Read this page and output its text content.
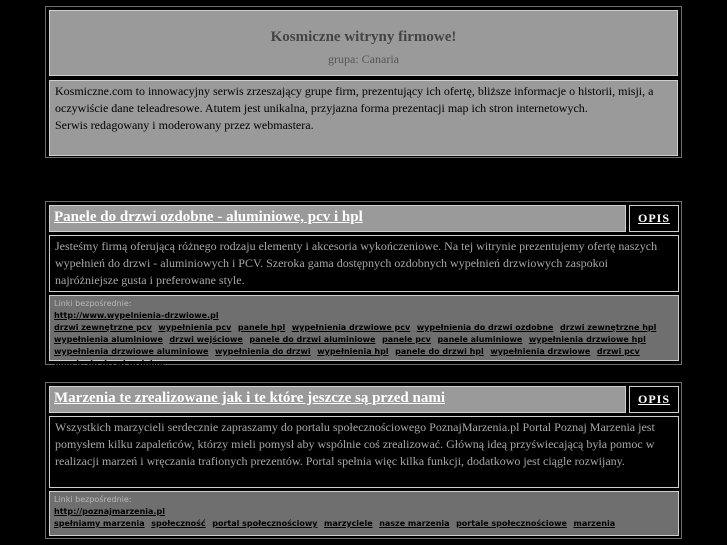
Kosmiczne witryny firmowe!
grupa: Canaria
Kosmiczne.com to innowacyjny serwis zrzeszający grupe firm, prezentujący ich ofertę, bliższe informacje o historii, misji, a oczywiście dane teleadresowe. Atutem jest unikalna, przyjazna forma prezentacji map ich stron internetowych.
Serwis redagowany i moderowany przez webmastera.
Panele do drzwi ozdobne - aluminiowe, pcv i hpl	OPIS
Jesteśmy firmą oferującą różnego rodzaju elementy i akcesoria wykończeniowe. Na tej witrynie prezentujemy ofertę naszych wypełnień do drzwi - aluminiowych i PCV. Szeroka gama dostępnych ozdobnych wypełnień drzwiowych zaspokoi najróżniejsze gusta i preferowane style.
Linki bezpośrednie:
http://www.wypelnienia-drzwiowe.pl
drzwi zewnętrzne pcv wypełnienia pcv panele hpl wypełnienia drzwiowe pcv wypełnienia do drzwi ozdobne drzwi zewnętrzne hpl wypełnienia aluminiowe drzwi wejściowe panele do drzwi aluminiowe panele pcv panele aluminiowe wypełnienia drzwiowe hpl wypełnienia drzwiowe aluminiowe wypełnienia do drzwi wypełnienia hpl panele do drzwi hpl wypełnienia drzwiowe drzwi pcv panele do drzwi ozdobne
Marzenia te zrealizowane jak i te które jeszcze są przed nami	OPIS
Wszystkich marzycieli serdecznie zapraszamy do portalu społecznościowego PoznajMarzenia.pl Portal Poznaj Marzenia jest pomysłem kilku zapaleńców, którzy mieli pomysł aby wspólnie coś zrealizować. Główną ideą przyświecającą była pomoc w realizacji marzeń i wręczania trafionych prezentów. Portal spełnia więc kilka funkcji, dodatkowo jest ciągle rozwijany.
Linki bezpośrednie:
http://poznajmarzenia.pl
spełniamy marzenia społeczność portal społecznościowy marzyciele nasze marzenia portale społecznościowe marzenia
